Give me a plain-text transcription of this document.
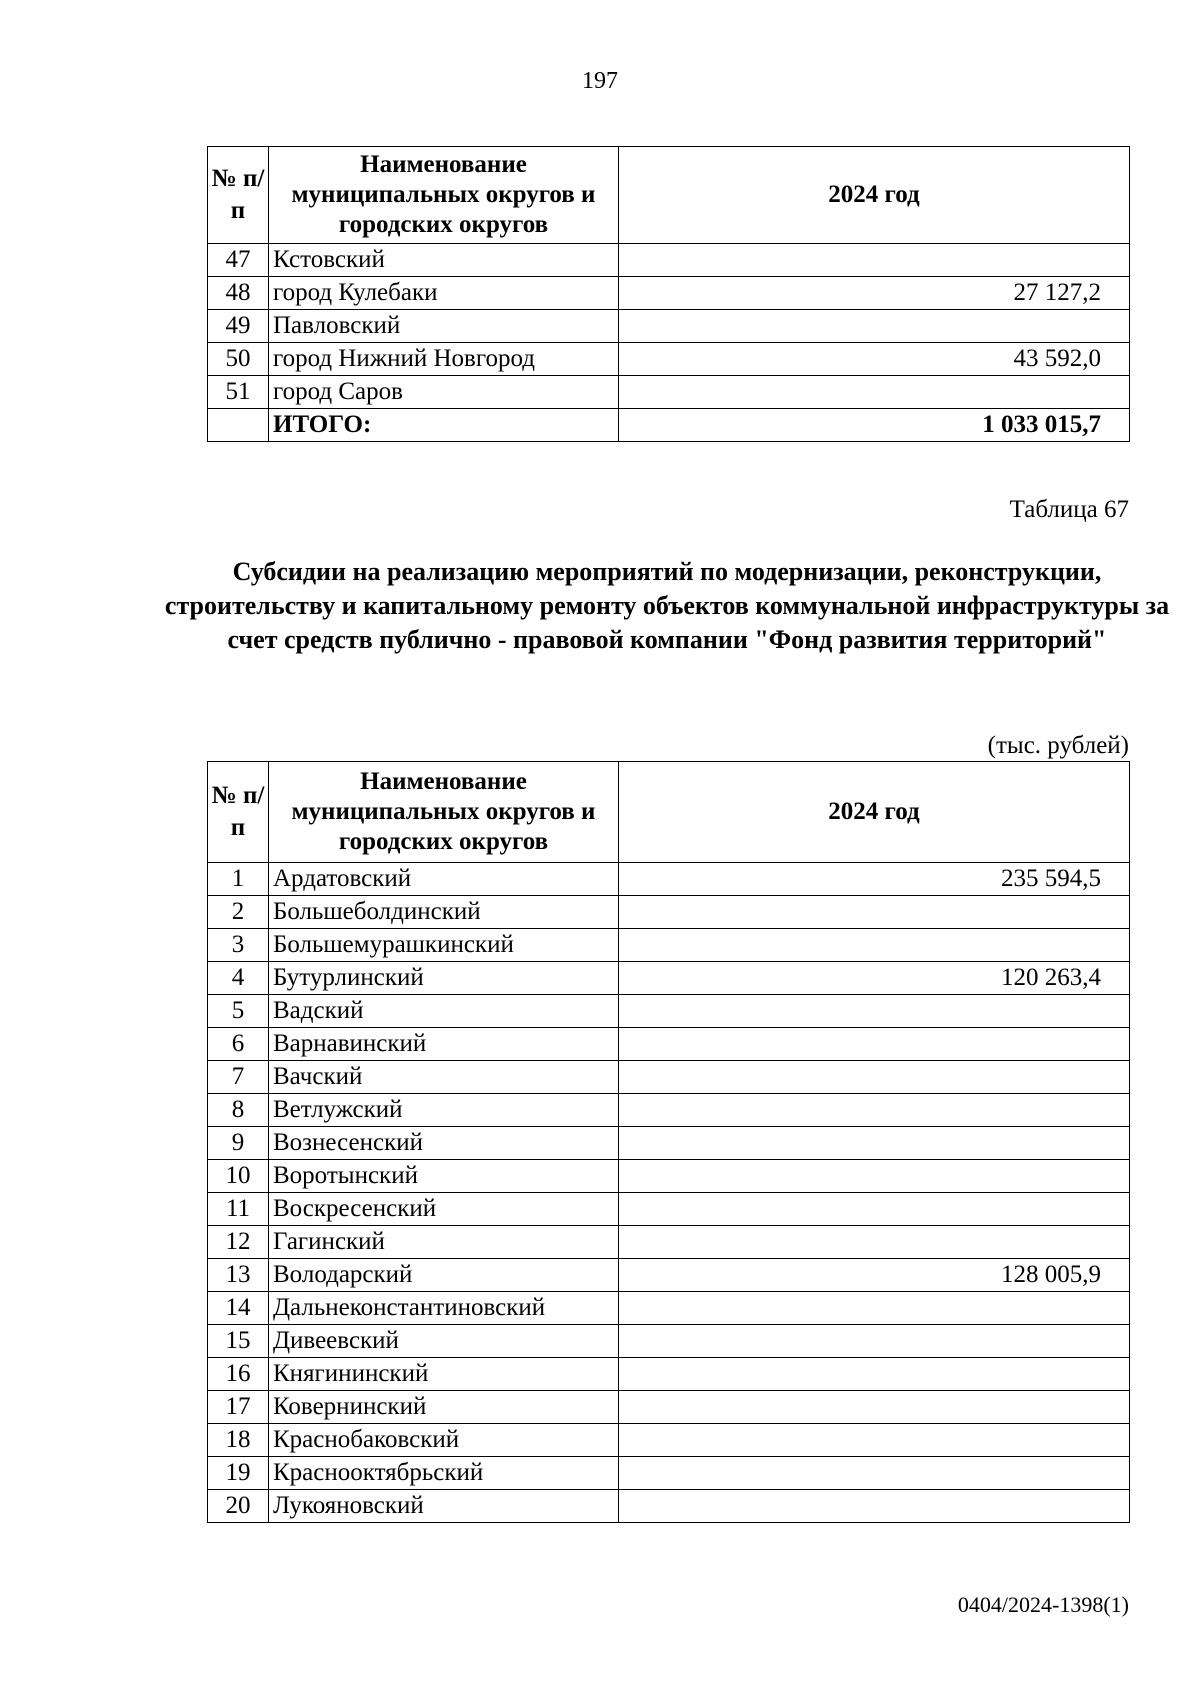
197
№ п/п	Наименование муниципальных округов и городских округов	2024 год
47	Кстовский	
48	город Кулебаки	27 127,2
49	Павловский	
50	город Нижний Новгород	43 592,0
51	город Саров	
	ИТОГО:	1 033 015,7
Таблица 67
Субсидии на реализацию мероприятий по модернизации, реконструкции, строительству и капитальному ремонту объектов коммунальной инфраструктуры за счет средств публично - правовой компании "Фонд развития территорий"
(тыс. рублей)
№ п/п	Наименование муниципальных округов и городских округов	2024 год
1	Ардатовский	235 594,5
2	Большеболдинский	
3	Большемурашкинский	
4	Бутурлинский	120 263,4
5	Вадский	
6	Варнавинский	
7	Вачский	
8	Ветлужский	
9	Вознесенский	
10	Воротынский	
11	Воскресенский	
12	Гагинский	
13	Володарский	128 005,9
14	Дальнеконстантиновский	
15	Дивеевский	
16	Княгининский	
17	Ковернинский	
18	Краснобаковский	
19	Краснооктябрьский	
20	Лукояновский	
0404/2024-1398(1)
